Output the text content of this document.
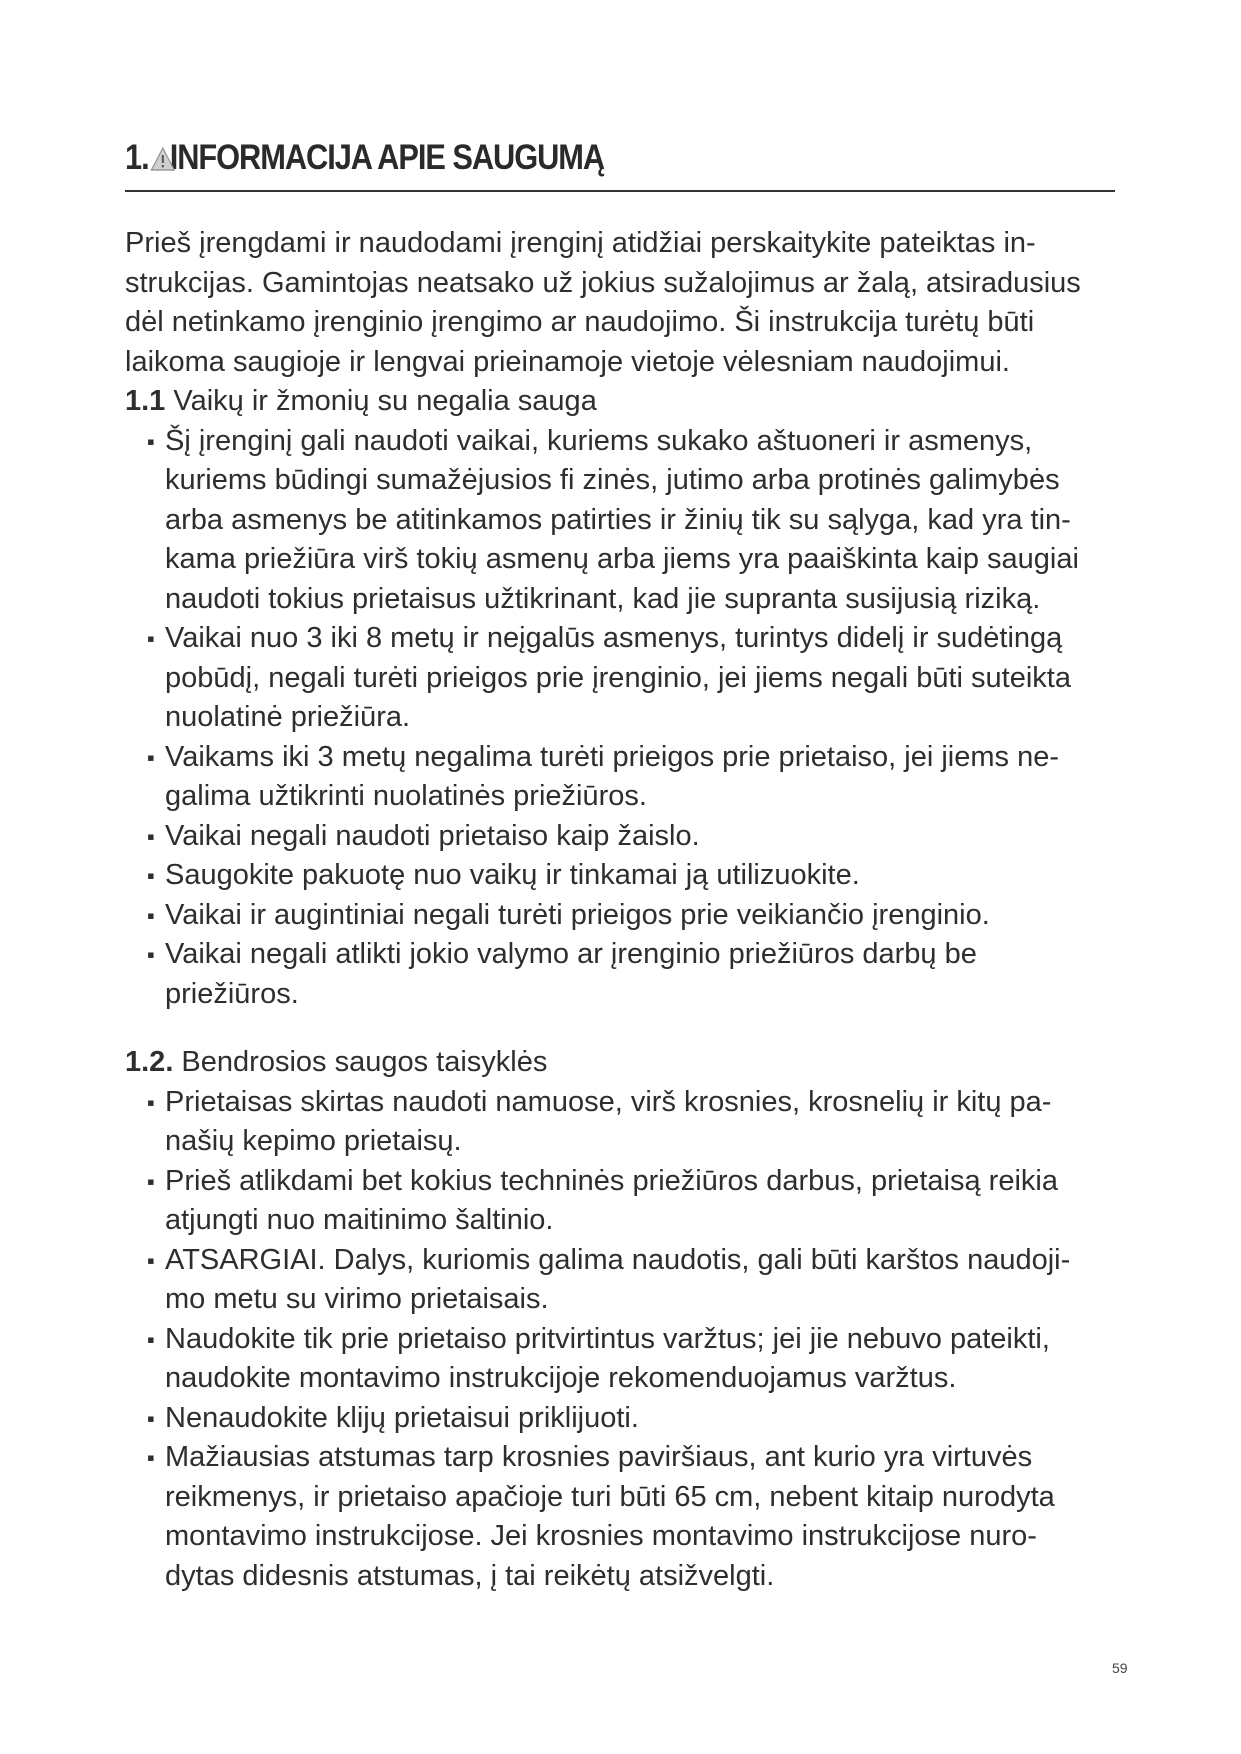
1. INFORMACIJA APIE SAUGUMĄ

Prieš įrengdami ir naudodami įrenginį atidžiai perskaitykite pateiktas in-

strukcijas. Gamintojas neatsako už jokius sužalojimus ar žalą, atsiradusius

dėl netinkamo įrenginio įrengimo ar naudojimo. Ši instrukcija turėtų būti

laikoma saugioje ir lengvai prieinamoje vietoje vėlesniam naudojimui.

1.1 Vaikų ir žmonių su negalia sauga

▪ Šį įrenginį gali naudoti vaikai, kuriems sukako aštuoneri ir asmenys,
kuriems būdingi sumažėjusios fi zinės, jutimo arba protinės galimybės
arba asmenys be atitinkamos patirties ir žinių tik su sąlyga, kad yra tin-
kama priežiūra virš tokių asmenų arba jiems yra paaiškinta kaip saugiai
naudoti tokius prietaisus užtikrinant, kad jie supranta susijusią riziką.
▪ Vaikai nuo 3 iki 8 metų ir neįgalūs asmenys, turintys didelį ir sudėtingą
pobūdį, negali turėti prieigos prie įrenginio, jei jiems negali būti suteikta
nuolatinė priežiūra.
▪ Vaikams iki 3 metų negalima turėti prieigos prie prietaiso, jei jiems ne-
galima užtikrinti nuolatinės priežiūros.
▪ Vaikai negali naudoti prietaiso kaip žaislo.
▪ Saugokite pakuotę nuo vaikų ir tinkamai ją utilizuokite.
▪ Vaikai ir augintiniai negali turėti prieigos prie veikiančio įrenginio.
▪ Vaikai negali atlikti jokio valymo ar įrenginio priežiūros darbų be
priežiūros.

1.2. Bendrosios saugos taisyklės

▪ Prietaisas skirtas naudoti namuose, virš krosnies, krosnelių ir kitų pa-
našių kepimo prietaisų.
▪ Prieš atlikdami bet kokius techninės priežiūros darbus, prietaisą reikia
atjungti nuo maitinimo šaltinio.
▪ ATSARGIAI. Dalys, kuriomis galima naudotis, gali būti karštos naudoji-
mo metu su virimo prietaisais.
▪ Naudokite tik prie prietaiso pritvirtintus varžtus; jei jie nebuvo pateikti,
naudokite montavimo instrukcijoje rekomenduojamus varžtus.
▪ Nenaudokite klijų prietaisui priklijuoti.
▪ Mažiausias atstumas tarp krosnies paviršiaus, ant kurio yra virtuvės
reikmenys, ir prietaiso apačioje turi būti 65 cm, nebent kitaip nurodyta
montavimo instrukcijose. Jei krosnies montavimo instrukcijose nuro-
dytas didesnis atstumas, į tai reikėtų atsižvelgti.
59
